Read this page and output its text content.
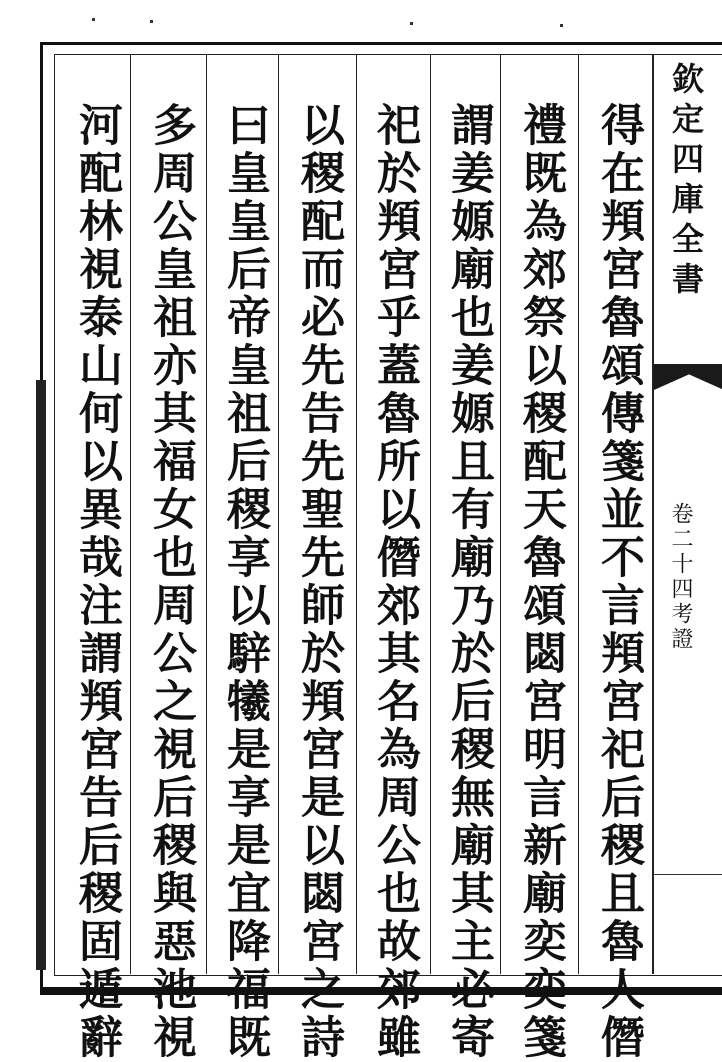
得在頖宮魯頌傳箋並不言頖宮祀后稷且魯人僭
禮既為郊祭以稷配天魯頌閟宮明言新廟奕奕箋
謂姜嫄廟也姜嫄且有廟乃於后稷無廟其主必寄
祀於頖宮乎蓋魯所以僭郊其名為周公也故郊雖
以稷配而必先告先聖先師於頖宮是以閟宮之詩
曰皇皇后帝皇祖后稷享以騂犧是享是宜降福既
多周公皇祖亦其福女也周公之視后稷與惡池視
河配林視泰山何以異哉注謂頖宮告后稷固遁辭	欽定四庫全書
卷二十四考證
